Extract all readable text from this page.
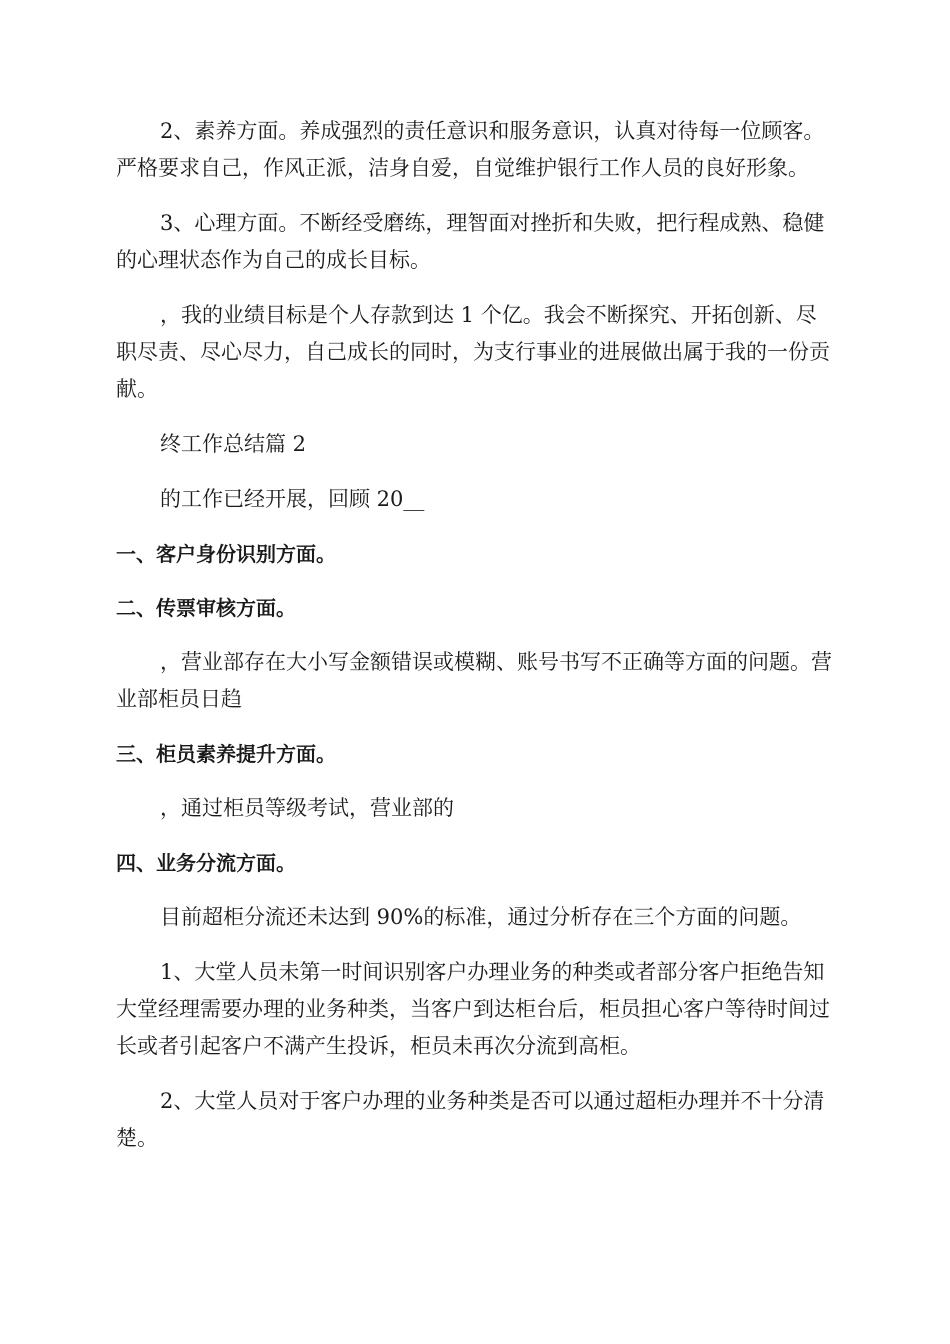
2、素养方面。养成强烈的责任意识和服务意识，认真对待每一位顾客。严格要求自己，作风正派，洁身自爱，自觉维护银行工作人员的良好形象。

3、心理方面。不断经受磨练，理智面对挫折和失败，把行程成熟、稳健的心理状态作为自己的成长目标。

，我的业绩目标是个人存款到达 1 个亿。我会不断探究、开拓创新、尽职尽责、尽心尽力，自己成长的同时，为支行事业的进展做出属于我的一份贡献。

终工作总结篇 2

的工作已经开展，回顾 20__

一、客户身份识别方面。

二、传票审核方面。

，营业部存在大小写金额错误或模糊、账号书写不正确等方面的问题。营业部柜员日趋

三、柜员素养提升方面。

，通过柜员等级考试，营业部的

四、业务分流方面。

目前超柜分流还未达到 90%的标准，通过分析存在三个方面的问题。

1、大堂人员未第一时间识别客户办理业务的种类或者部分客户拒绝告知大堂经理需要办理的业务种类，当客户到达柜台后，柜员担心客户等待时间过长或者引起客户不满产生投诉，柜员未再次分流到高柜。

2、大堂人员对于客户办理的业务种类是否可以通过超柜办理并不十分清楚。
